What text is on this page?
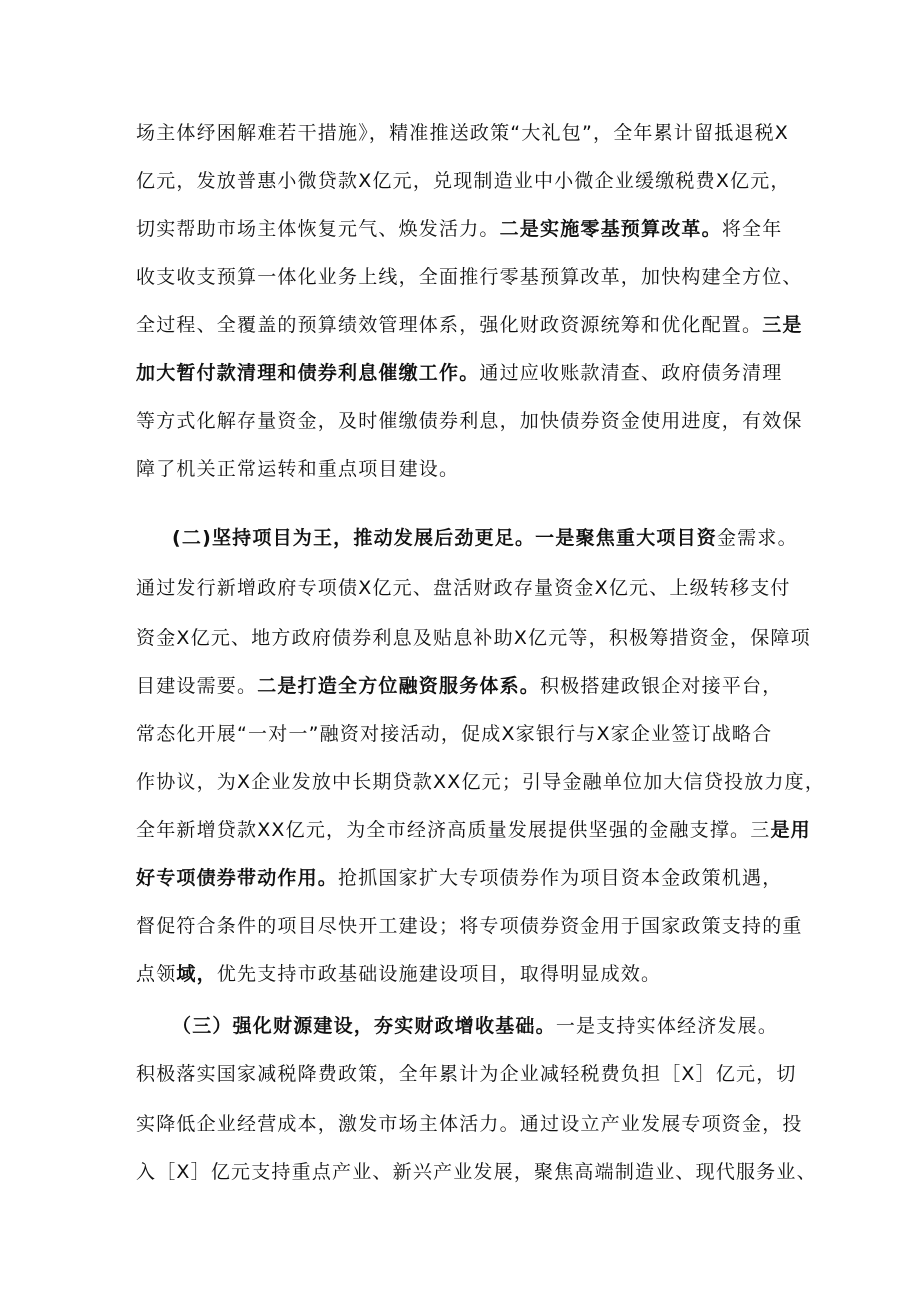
场主体纾困解难若干措施》，精准推送政策“大礼包”，全年累计留抵退税X
亿元，发放普惠小微贷款X亿元，兑现制造业中小微企业缓缴税费X亿元，
切实帮助市场主体恢复元气、焕发活力。二是实施零基预算改革。将全年
收支收支预算一体化业务上线，全面推行零基预算改革，加快构建全方位、
全过程、全覆盖的预算绩效管理体系，强化财政资源统筹和优化配置。三是
加大暂付款清理和债券利息催缴工作。通过应收账款清查、政府债务清理
等方式化解存量资金，及时催缴债券利息，加快债券资金使用进度，有效保
障了机关正常运转和重点项目建设。
(二)坚持项目为王，推动发展后劲更足。一是聚焦重大项目资金需求。
通过发行新增政府专项债X亿元、盘活财政存量资金X亿元、上级转移支付
资金X亿元、地方政府债券利息及贴息补助X亿元等，积极筹措资金，保障项
目建设需要。二是打造全方位融资服务体系。积极搭建政银企对接平台，
常态化开展“一对一”融资对接活动，促成X家银行与X家企业签订战略合
作协议，为X企业发放中长期贷款XX亿元；引导金融单位加大信贷投放力度，
全年新增贷款XX亿元，为全市经济高质量发展提供坚强的金融支撑。三是用
好专项债券带动作用。抢抓国家扩大专项债券作为项目资本金政策机遇，
督促符合条件的项目尽快开工建设；将专项债券资金用于国家政策支持的重
点领域，优先支持市政基础设施建设项目，取得明显成效。
（三）强化财源建设，夯实财政增收基础。一是支持实体经济发展。
积极落实国家减税降费政策，全年累计为企业减轻税费负担［X］亿元，切
实降低企业经营成本，激发市场主体活力。通过设立产业发展专项资金，投
入［X］亿元支持重点产业、新兴产业发展，聚焦高端制造业、现代服务业、
